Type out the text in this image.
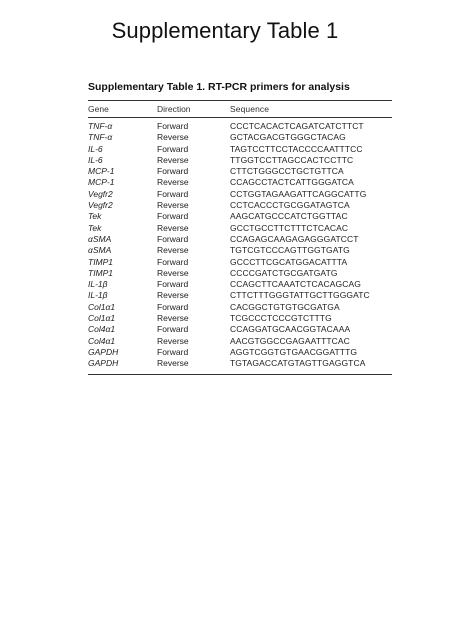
Supplementary Table 1

Supplementary Table 1. RT-PCR primers for analysis

Gene	Direction	Sequence
TNF-α	Forward	CCCTCACACTCAGATCATCTTCT
TNF-α	Reverse	GCTACGACGTGGGCTACAG
IL-6	Forward	TAGTCCTTCCTACCCCAATTTCC
IL-6	Reverse	TTGGTCCTTAGCCACTCCTTC
MCP-1	Forward	CTTCTGGGCCTGCTGTTCA
MCP-1	Reverse	CCAGCCTACTCATTGGGATCA
Vegfr2	Forward	CCTGGTAGAAGATTCAGGCATTG
Vegfr2	Reverse	CCTCACCCTGCGGATAGTCA
Tek	Forward	AAGCATGCCCATCTGGTTAC
Tek	Reverse	GCCTGCCTTCTTTCTCACAC
αSMA	Forward	CCAGAGCAAGAGAGGGATCCT
αSMA	Reverse	TGTCGTCCCAGTTGGTGATG
TIMP1	Forward	GCCCTTCGCATGGACATTTA
TIMP1	Reverse	CCCCGATCTGCGATGATG
IL-1β	Forward	CCAGCTTCAAATCTCACAGCAG
IL-1β	Reverse	CTTCTTTGGGTATTGCTTGGGATC
Col1α1	Forward	CACGGCTGTGTGCGATGA
Col1α1	Reverse	TCGCCCTCCCGTCTTTG
Col4α1	Forward	CCAGGATGCAACGGTACAAA
Col4α1	Reverse	AACGTGGCCGAGAATTTCAC
GAPDH	Forward	AGGTCGGTGTGAACGGATTTG
GAPDH	Reverse	TGTAGACCATGTAGTTGAGGTCA
